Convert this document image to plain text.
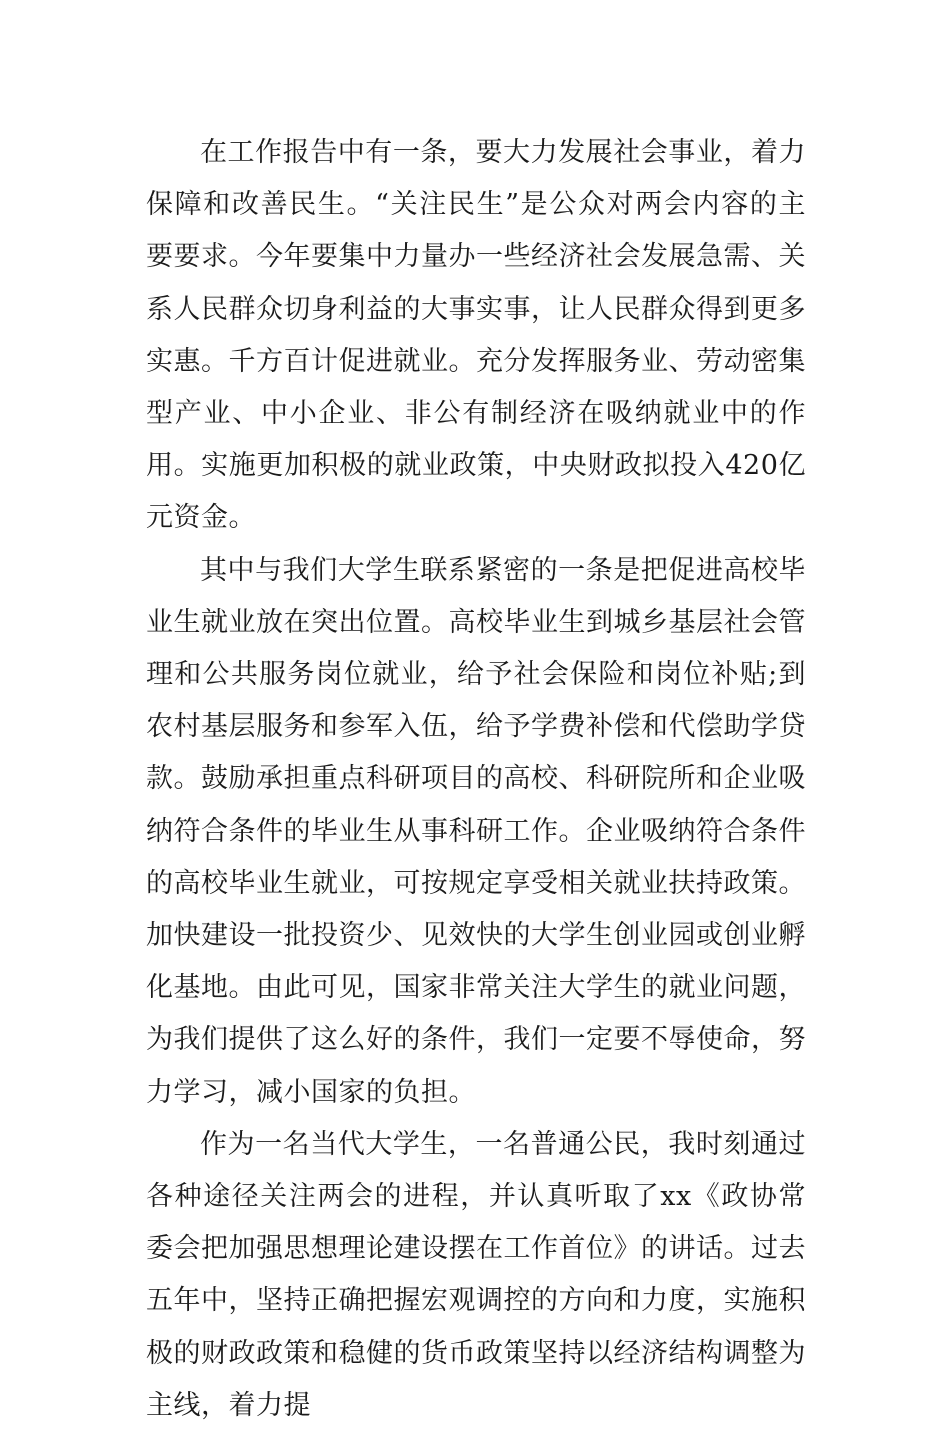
在工作报告中有一条，要大力发展社会事业，着力保障和改善民生。“关注民生”是公众对两会内容的主要要求。今年要集中力量办一些经济社会发展急需、关系人民群众切身利益的大事实事，让人民群众得到更多实惠。千方百计促进就业。充分发挥服务业、劳动密集型产业、中小企业、非公有制经济在吸纳就业中的作用。实施更加积极的就业政策，中央财政拟投入420亿元资金。

其中与我们大学生联系紧密的一条是把促进高校毕业生就业放在突出位置。高校毕业生到城乡基层社会管理和公共服务岗位就业，给予社会保险和岗位补贴;到农村基层服务和参军入伍，给予学费补偿和代偿助学贷款。鼓励承担重点科研项目的高校、科研院所和企业吸纳符合条件的毕业生从事科研工作。企业吸纳符合条件的高校毕业生就业，可按规定享受相关就业扶持政策。加快建设一批投资少、见效快的大学生创业园或创业孵化基地。由此可见，国家非常关注大学生的就业问题，为我们提供了这么好的条件，我们一定要不辱使命，努力学习，减小国家的负担。

作为一名当代大学生，一名普通公民，我时刻通过各种途径关注两会的进程，并认真听取了xx《政协常委会把加强思想理论建设摆在工作首位》的讲话。过去五年中，坚持正确把握宏观调控的方向和力度，实施积极的财政政策和稳健的货币政策坚持以经济结构调整为主线，着力提
